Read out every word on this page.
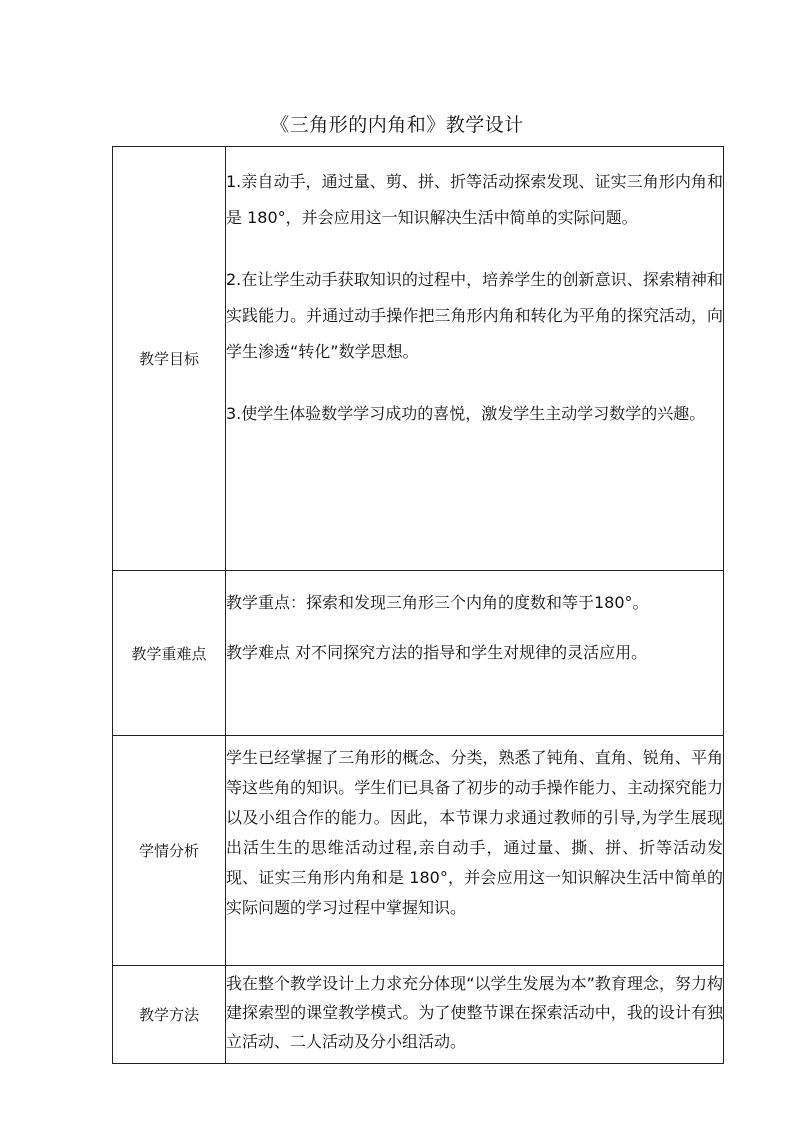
《三角形的内角和》教学设计
教学目标	1.亲自动手，通过量、剪、拼、折等活动探索发现、证实三角形内角和是 180°，并会应用这一知识解决生活中简单的实际问题。

2.在让学生动手获取知识的过程中，培养学生的创新意识、探索精神和实践能力。并通过动手操作把三角形内角和转化为平角的探究活动，向学生渗透“转化”数学思想。

3.使学生体验数学学习成功的喜悦，激发学生主动学习数学的兴趣。

教学重难点	教学重点：探索和发现三角形三个内角的度数和等于180°。

教学难点 对不同探究方法的指导和学生对规律的灵活应用。

学情分析	学生已经掌握了三角形的概念、分类，熟悉了钝角、直角、锐角、平角等这些角的知识。学生们已具备了初步的动手操作能力、主动探究能力以及小组合作的能力。因此，本节课力求通过教师的引导,为学生展现出活生生的思维活动过程,亲自动手，通过量、撕、拼、折等活动发现、证实三角形内角和是 180°，并会应用这一知识解决生活中简单的实际问题的学习过程中掌握知识。

教学方法	我在整个教学设计上力求充分体现“以学生发展为本”教育理念，努力构建探索型的课堂教学模式。为了使整节课在探索活动中，我的设计有独立活动、二人活动及分小组活动。
